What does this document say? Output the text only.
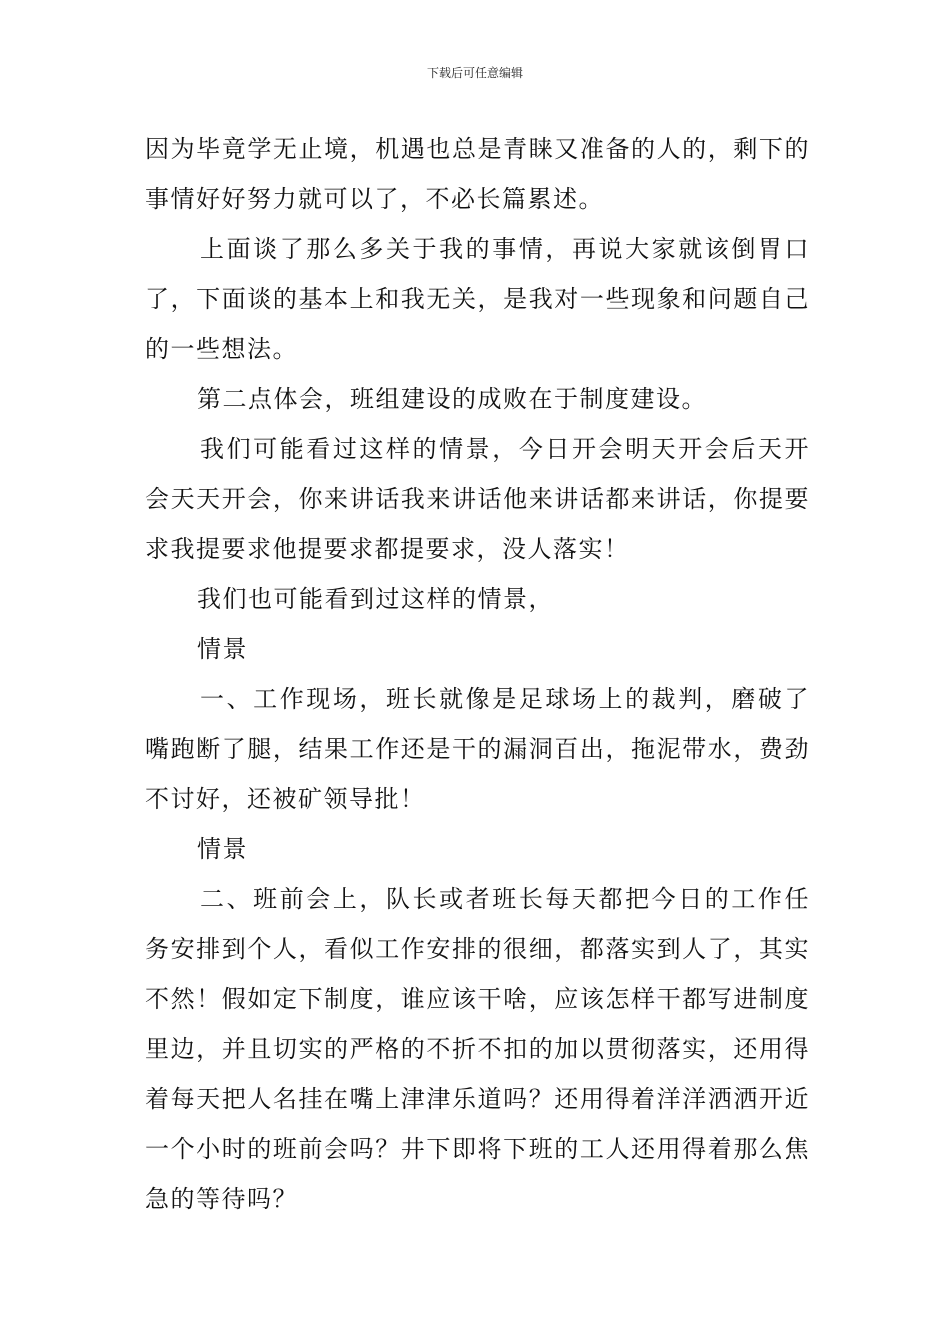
下载后可任意编辑

因为毕竟学无止境，机遇也总是青睐又准备的人的，剩下的事情好好努力就可以了，不必长篇累述。

上面谈了那么多关于我的事情，再说大家就该倒胃口了，下面谈的基本上和我无关，是我对一些现象和问题自己的一些想法。

第二点体会，班组建设的成败在于制度建设。

我们可能看过这样的情景，今日开会明天开会后天开会天天开会，你来讲话我来讲话他来讲话都来讲话，你提要求我提要求他提要求都提要求，没人落实！

我们也可能看到过这样的情景，

情景

一、工作现场，班长就像是足球场上的裁判，磨破了嘴跑断了腿，结果工作还是干的漏洞百出，拖泥带水，费劲不讨好，还被矿领导批！

情景

二、班前会上，队长或者班长每天都把今日的工作任务安排到个人，看似工作安排的很细，都落实到人了，其实不然！假如定下制度，谁应该干啥，应该怎样干都写进制度里边，并且切实的严格的不折不扣的加以贯彻落实，还用得着每天把人名挂在嘴上津津乐道吗？还用得着洋洋洒洒开近一个小时的班前会吗？井下即将下班的工人还用得着那么焦急的等待吗？
